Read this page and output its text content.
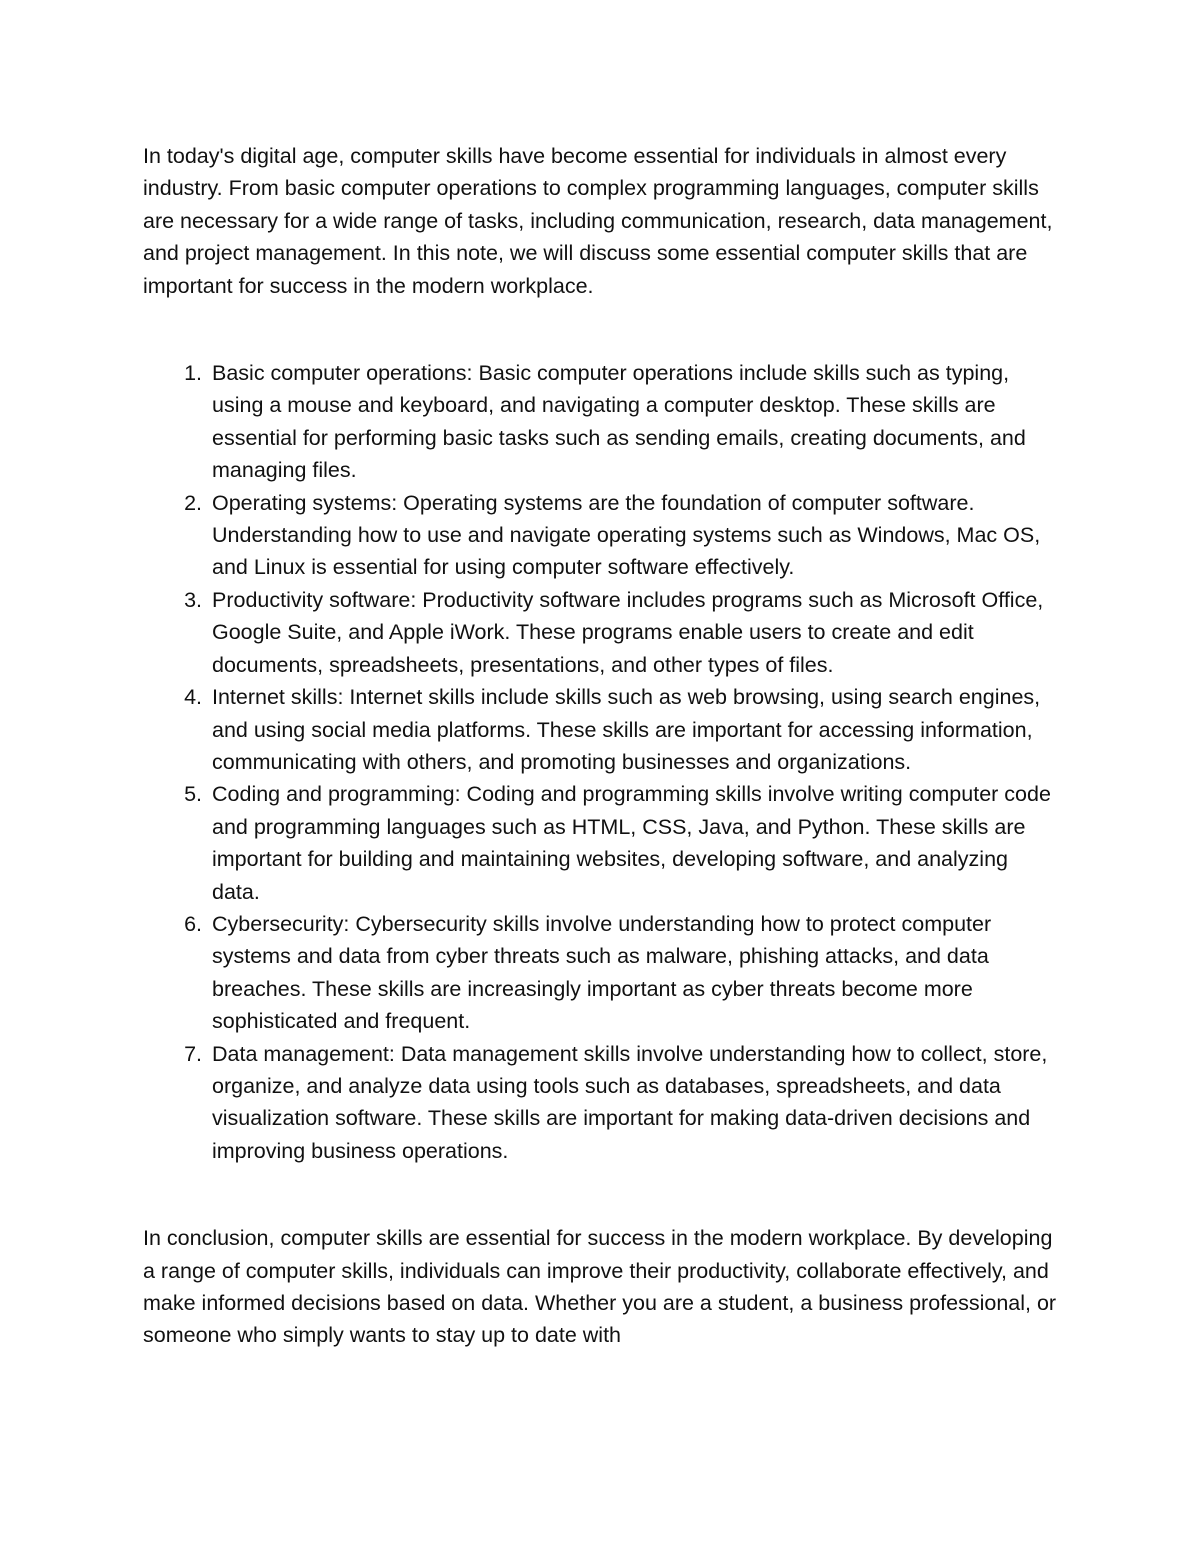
In today's digital age, computer skills have become essential for individuals in almost every industry. From basic computer operations to complex programming languages, computer skills are necessary for a wide range of tasks, including communication, research, data management, and project management. In this note, we will discuss some essential computer skills that are important for success in the modern workplace.

1. Basic computer operations: Basic computer operations include skills such as typing, using a mouse and keyboard, and navigating a computer desktop. These skills are essential for performing basic tasks such as sending emails, creating documents, and managing files.
2. Operating systems: Operating systems are the foundation of computer software. Understanding how to use and navigate operating systems such as Windows, Mac OS, and Linux is essential for using computer software effectively.
3. Productivity software: Productivity software includes programs such as Microsoft Office, Google Suite, and Apple iWork. These programs enable users to create and edit documents, spreadsheets, presentations, and other types of files.
4. Internet skills: Internet skills include skills such as web browsing, using search engines, and using social media platforms. These skills are important for accessing information, communicating with others, and promoting businesses and organizations.
5. Coding and programming: Coding and programming skills involve writing computer code and programming languages such as HTML, CSS, Java, and Python. These skills are important for building and maintaining websites, developing software, and analyzing data.
6. Cybersecurity: Cybersecurity skills involve understanding how to protect computer systems and data from cyber threats such as malware, phishing attacks, and data breaches. These skills are increasingly important as cyber threats become more sophisticated and frequent.
7. Data management: Data management skills involve understanding how to collect, store, organize, and analyze data using tools such as databases, spreadsheets, and data visualization software. These skills are important for making data-driven decisions and improving business operations.

In conclusion, computer skills are essential for success in the modern workplace. By developing a range of computer skills, individuals can improve their productivity, collaborate effectively, and make informed decisions based on data. Whether you are a student, a business professional, or someone who simply wants to stay up to date with
